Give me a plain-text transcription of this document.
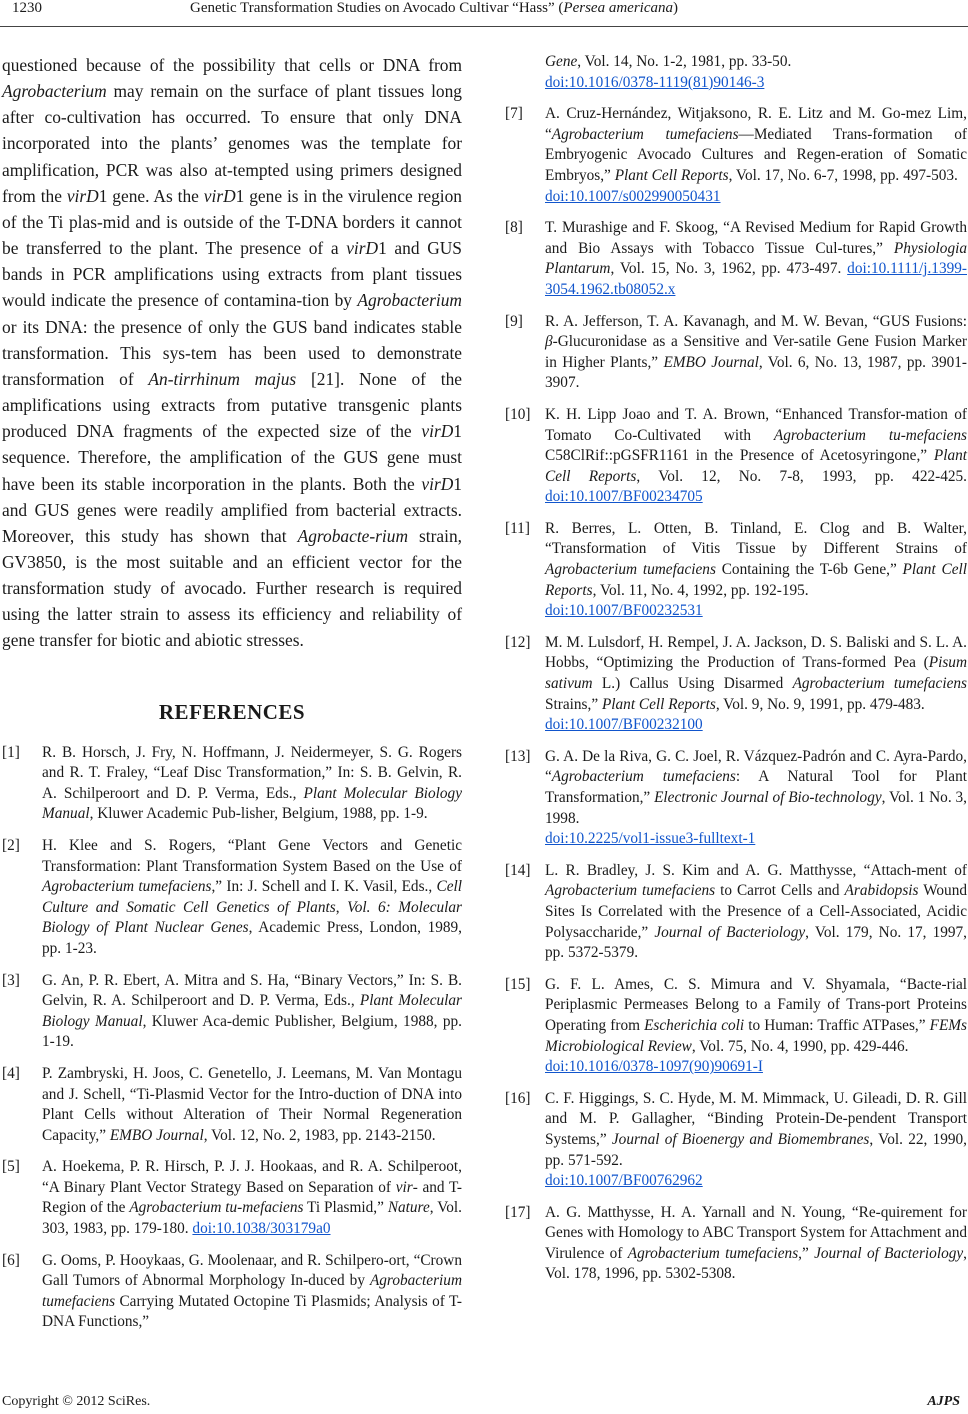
1230	Genetic Transformation Studies on Avocado Cultivar “Hass” (Persea americana)

questioned because of the possibility that cells or DNA from Agrobacterium may remain on the surface of plant tissues long after co-cultivation has occurred. To ensure that only DNA incorporated into the plants’ genomes was the template for amplification, PCR was also at-tempted using primers designed from the virD1 gene. As the virD1 gene is in the virulence region of the Ti plas-mid and is outside of the T-DNA borders it cannot be transferred to the plant. The presence of a virD1 and GUS bands in PCR amplifications using extracts from plant tissues would indicate the presence of contamina-tion by Agrobacterium or its DNA: the presence of only the GUS band indicates stable transformation. This sys-tem has been used to demonstrate transformation of An-tirrhinum majus [21]. None of the amplifications using extracts from putative transgenic plants produced DNA fragments of the expected size of the virD1 sequence. Therefore, the amplification of the GUS gene must have been its stable incorporation in the plants. Both the virD1 and GUS genes were readily amplified from bacterial extracts. Moreover, this study has shown that Agrobacte-rium strain, GV3850, is the most suitable and an efficient vector for the transformation study of avocado. Further research is required using the latter strain to assess its efficiency and reliability of gene transfer for biotic and abiotic stresses.

REFERENCES
[1] R. B. Horsch, J. Fry, N. Hoffmann, J. Neidermeyer, S. G. Rogers and R. T. Fraley, “Leaf Disc Transformation,” In: S. B. Gelvin, R. A. Schilperoort and D. P. Verma, Eds., Plant Molecular Biology Manual, Kluwer Academic Pub-lisher, Belgium, 1988, pp. 1-9.
[2] H. Klee and S. Rogers, “Plant Gene Vectors and Genetic Transformation: Plant Transformation System Based on the Use of Agrobacterium tumefaciens,” In: J. Schell and I. K. Vasil, Eds., Cell Culture and Somatic Cell Genetics of Plants, Vol. 6: Molecular Biology of Plant Nuclear Genes, Academic Press, London, 1989, pp. 1-23.
[3] G. An, P. R. Ebert, A. Mitra and S. Ha, “Binary Vectors,” In: S. B. Gelvin, R. A. Schilperoort and D. P. Verma, Eds., Plant Molecular Biology Manual, Kluwer Aca-demic Publisher, Belgium, 1988, pp. 1-19.
[4] P. Zambryski, H. Joos, C. Genetello, J. Leemans, M. Van Montagu and J. Schell, “Ti-Plasmid Vector for the Intro-duction of DNA into Plant Cells without Alteration of Their Normal Regeneration Capacity,” EMBO Journal, Vol. 12, No. 2, 1983, pp. 2143-2150.
[5] A. Hoekema, P. R. Hirsch, P. J. J. Hookaas, and R. A. Schilperoot, “A Binary Plant Vector Strategy Based on Separation of vir- and T-Region of the Agrobacterium tu-mefaciens Ti Plasmid,” Nature, Vol. 303, 1983, pp. 179-180. doi:10.1038/303179a0
[6] G. Ooms, P. Hooykaas, G. Moolenaar, and R. Schilpero-ort, “Crown Gall Tumors of Abnormal Morphology In-duced by Agrobacterium tumefaciens Carrying Mutated Octopine Ti Plasmids; Analysis of T-DNA Functions,”
Gene, Vol. 14, No. 1-2, 1981, pp. 33-50.
doi:10.1016/0378-1119(81)90146-3
[7] A. Cruz-Hernández, Witjaksono, R. E. Litz and M. Go-mez Lim, “Agrobacterium tumefaciens—Mediated Trans-formation of Embryogenic Avocado Cultures and Regen-eration of Somatic Embryos,” Plant Cell Reports, Vol. 17, No. 6-7, 1998, pp. 497-503.
doi:10.1007/s002990050431
[8] T. Murashige and F. Skoog, “A Revised Medium for Rapid Growth and Bio Assays with Tobacco Tissue Cul-tures,” Physiologia Plantarum, Vol. 15, No. 3, 1962, pp. 473-497. doi:10.1111/j.1399-3054.1962.tb08052.x
[9] R. A. Jefferson, T. A. Kavanagh, and M. W. Bevan, “GUS Fusions: β-Glucuronidase as a Sensitive and Ver-satile Gene Fusion Marker in Higher Plants,” EMBO Journal, Vol. 6, No. 13, 1987, pp. 3901-3907.
[10] K. H. Lipp Joao and T. A. Brown, “Enhanced Transfor-mation of Tomato Co-Cultivated with Agrobacterium tu-mefaciens C58ClRif::pGSFR1161 in the Presence of Acetosyringone,” Plant Cell Reports, Vol. 12, No. 7-8, 1993, pp. 422-425. doi:10.1007/BF00234705
[11] R. Berres, L. Otten, B. Tinland, E. Clog and B. Walter, “Transformation of Vitis Tissue by Different Strains of Agrobacterium tumefaciens Containing the T-6b Gene,” Plant Cell Reports, Vol. 11, No. 4, 1992, pp. 192-195.
doi:10.1007/BF00232531
[12] M. M. Lulsdorf, H. Rempel, J. A. Jackson, D. S. Baliski and S. L. A. Hobbs, “Optimizing the Production of Trans-formed Pea (Pisum sativum L.) Callus Using Disarmed Agrobacterium tumefaciens Strains,” Plant Cell Reports, Vol. 9, No. 9, 1991, pp. 479-483.
doi:10.1007/BF00232100
[13] G. A. De la Riva, G. C. Joel, R. Vázquez-Padrón and C. Ayra-Pardo, “Agrobacterium tumefaciens: A Natural Tool for Plant Transformation,” Electronic Journal of Bio-technology, Vol. 1 No. 3, 1998.
doi:10.2225/vol1-issue3-fulltext-1
[14] L. R. Bradley, J. S. Kim and A. G. Matthysse, “Attach-ment of Agrobacterium tumefaciens to Carrot Cells and Arabidopsis Wound Sites Is Correlated with the Presence of a Cell-Associated, Acidic Polysaccharide,” Journal of Bacteriology, Vol. 179, No. 17, 1997, pp. 5372-5379.
[15] G. F. L. Ames, C. S. Mimura and V. Shyamala, “Bacte-rial Periplasmic Permeases Belong to a Family of Trans-port Proteins Operating from Escherichia coli to Human: Traffic ATPases,” FEMs Microbiological Review, Vol. 75, No. 4, 1990, pp. 429-446.
doi:10.1016/0378-1097(90)90691-I
[16] C. F. Higgings, S. C. Hyde, M. M. Mimmack, U. Gileadi, D. R. Gill and M. P. Gallagher, “Binding Protein-De-pendent Transport Systems,” Journal of Bioenergy and Biomembranes, Vol. 22, 1990, pp. 571-592.
doi:10.1007/BF00762962
[17] A. G. Matthysse, H. A. Yarnall and N. Young, “Re-quirement for Genes with Homology to ABC Transport System for Attachment and Virulence of Agrobacterium tumefaciens,” Journal of Bacteriology, Vol. 178, 1996, pp. 5302-5308.
Copyright © 2012 SciRes.	AJPS
